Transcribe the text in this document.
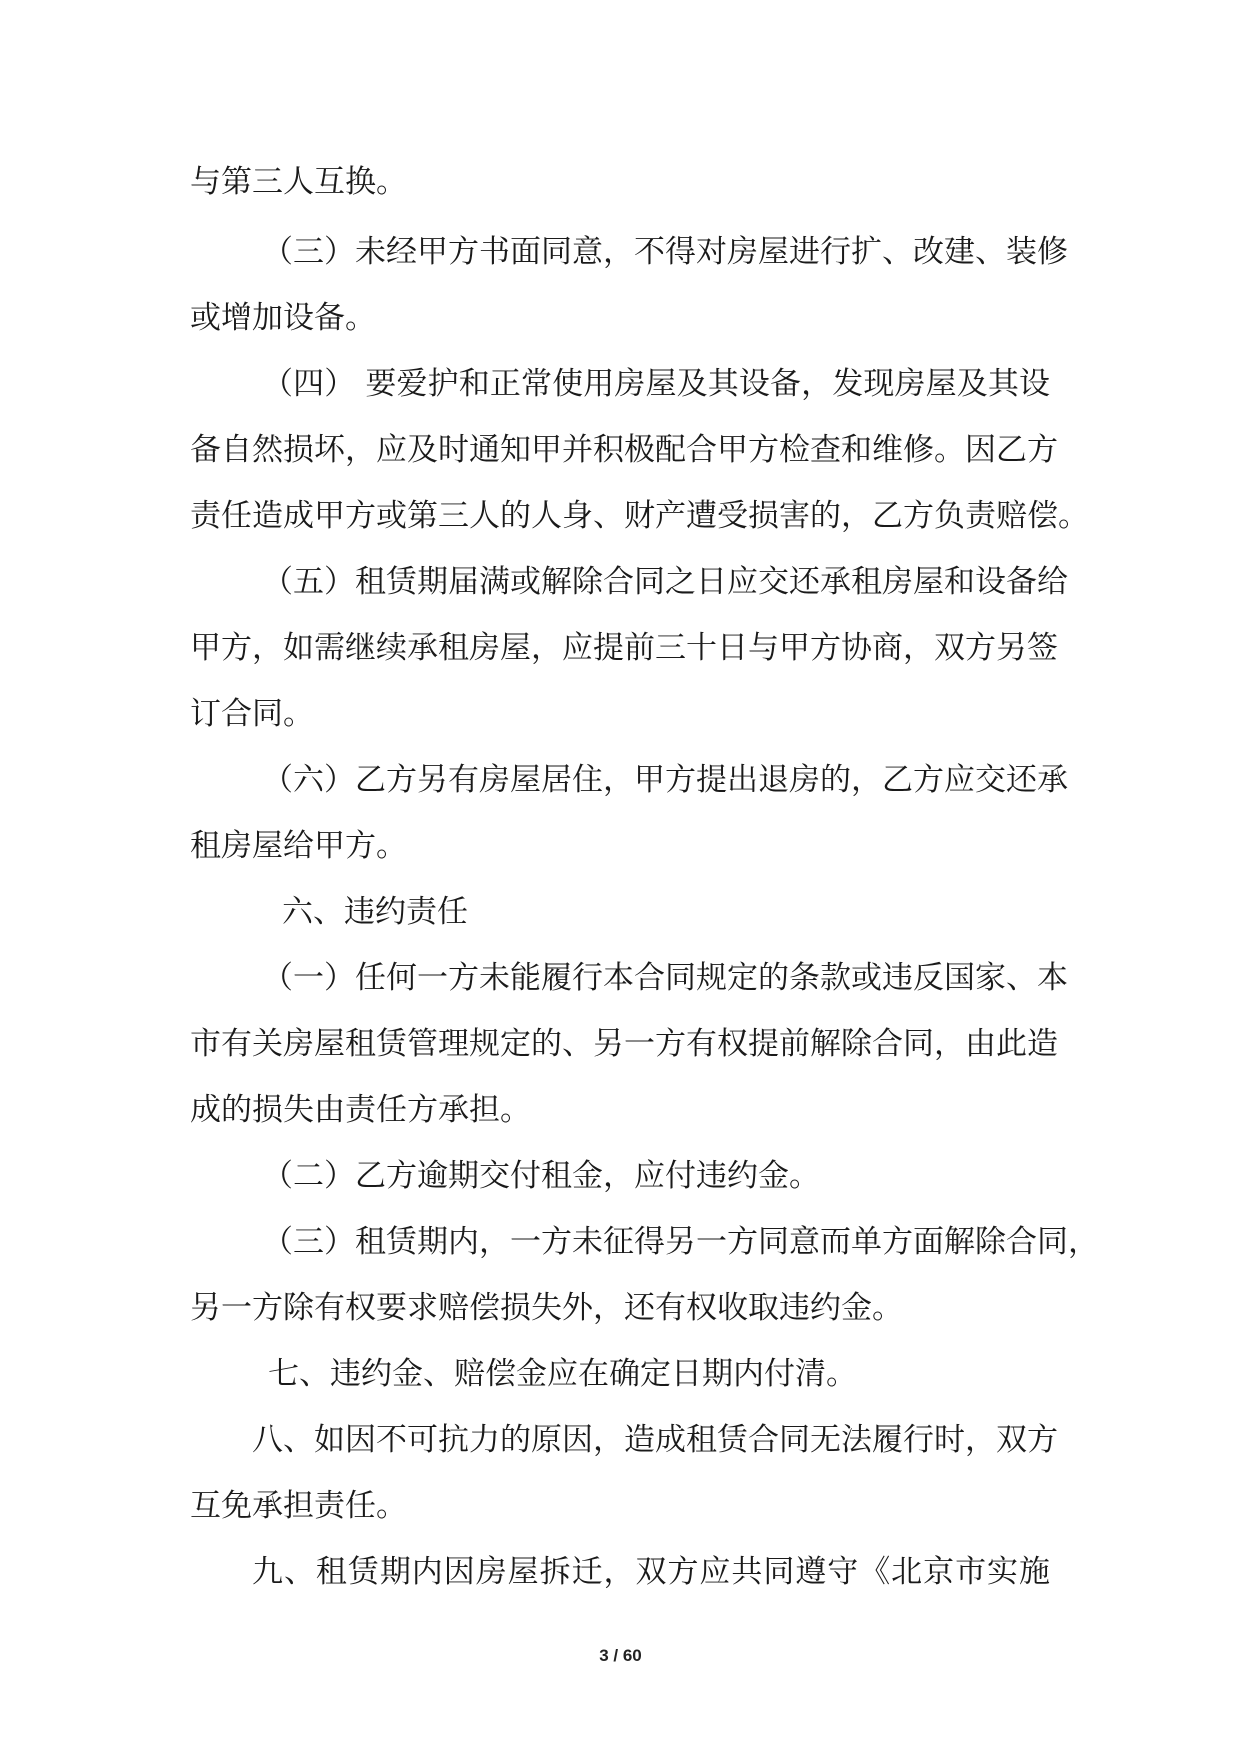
与第三人互换。
（三）未经甲方书面同意，不得对房屋进行扩、改建、装修
或增加设备。
（四） 要爱护和正常使用房屋及其设备，发现房屋及其设
备自然损坏，应及时通知甲并积极配合甲方检查和维修。因乙方
责任造成甲方或第三人的人身、财产遭受损害的，乙方负责赔偿。
（五）租赁期届满或解除合同之日应交还承租房屋和设备给
甲方，如需继续承租房屋，应提前三十日与甲方协商，双方另签
订合同。
（六）乙方另有房屋居住，甲方提出退房的，乙方应交还承
租房屋给甲方。
六、违约责任
（一）任何一方未能履行本合同规定的条款或违反国家、本
市有关房屋租赁管理规定的、另一方有权提前解除合同，由此造
成的损失由责任方承担。
（二）乙方逾期交付租金，应付违约金。
（三）租赁期内，一方未征得另一方同意而单方面解除合同，
另一方除有权要求赔偿损失外，还有权收取违约金。
七、违约金、赔偿金应在确定日期内付清。
八、如因不可抗力的原因，造成租赁合同无法履行时，双方
互免承担责任。
九、租赁期内因房屋拆迁，双方应共同遵守《北京市实施
3 / 60
